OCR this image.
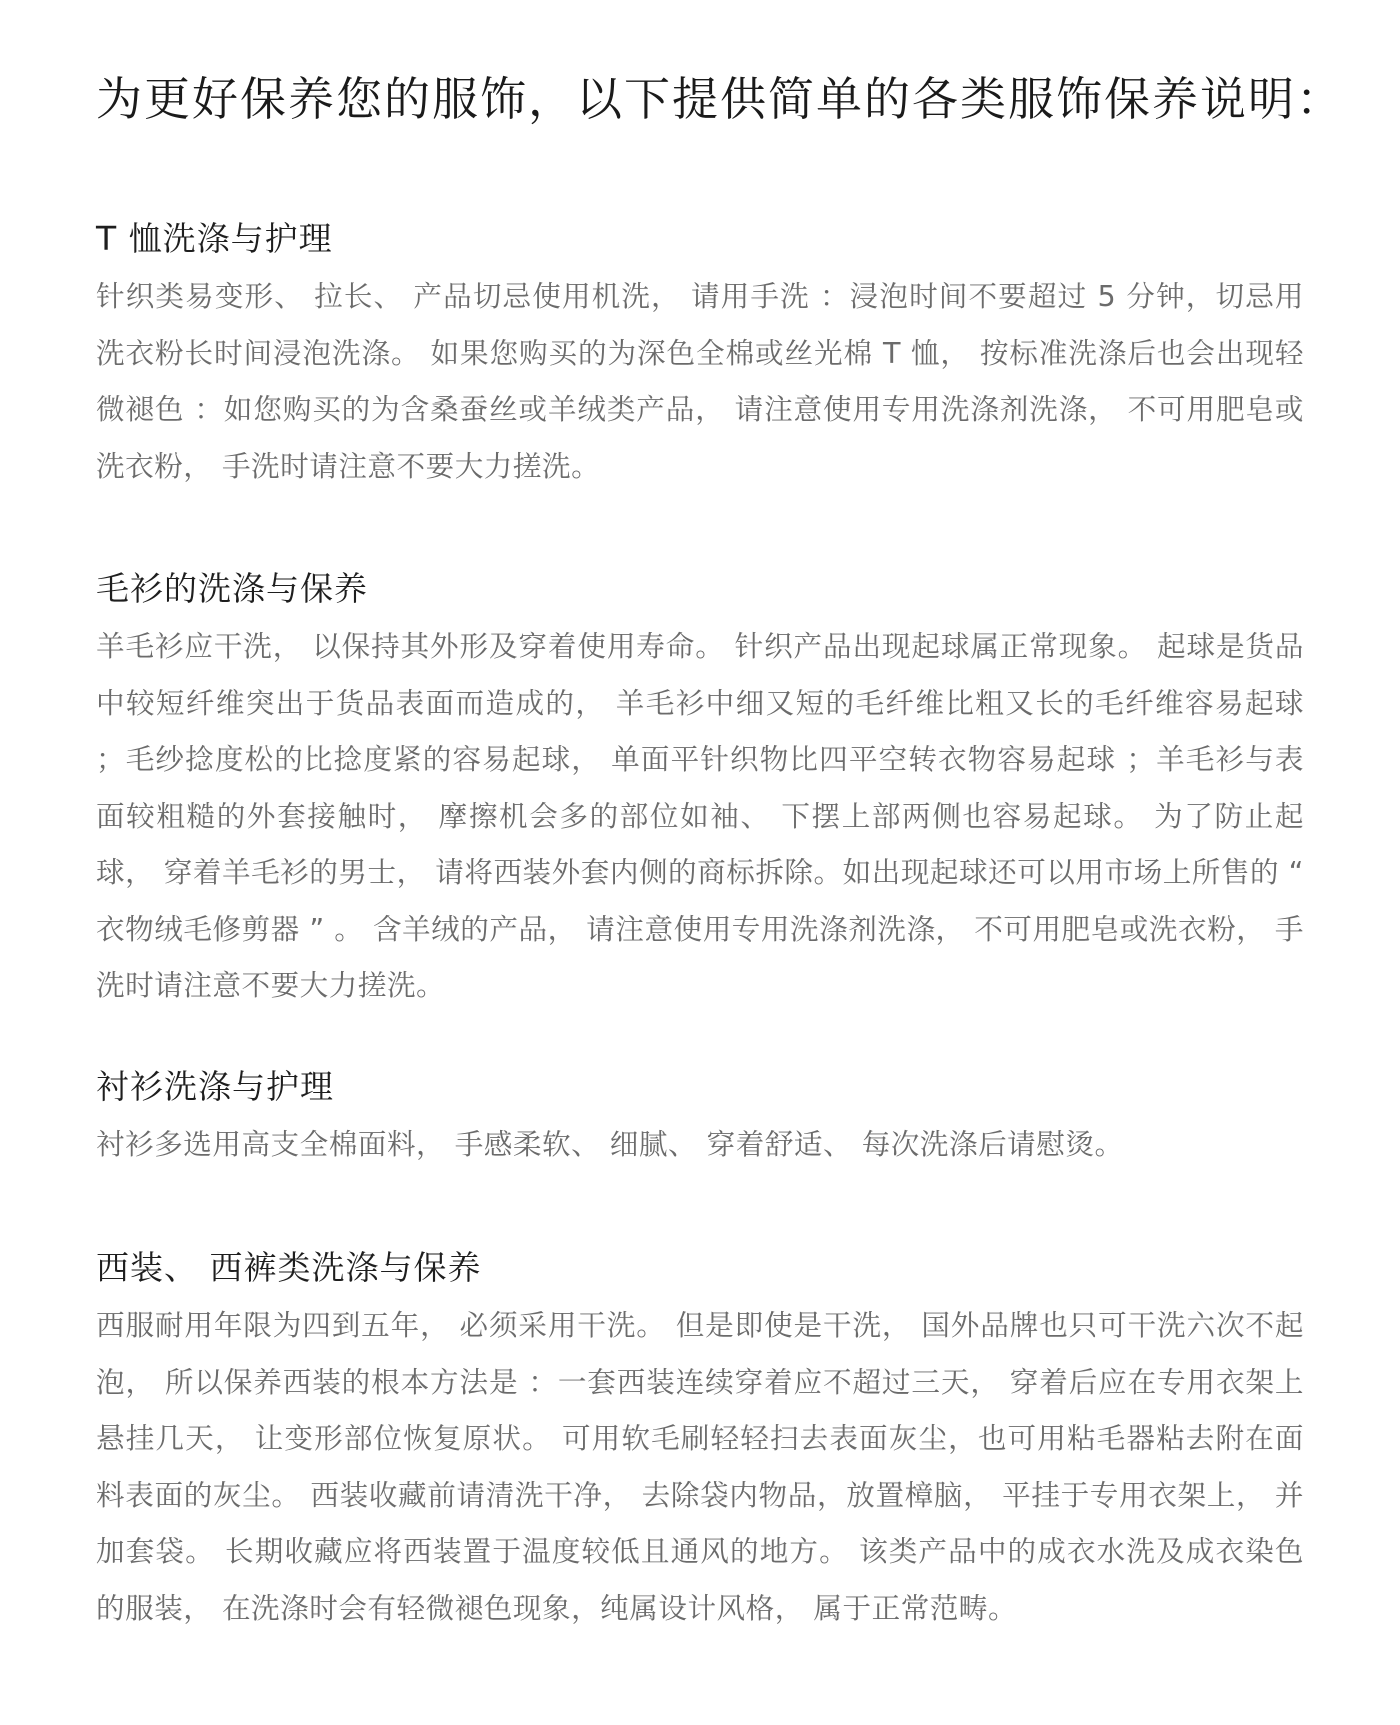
为更好保养您的服饰，以下提供简单的各类服饰保养说明：
T 恤洗涤与护理

针织类易变形、 拉长、 产品切忌使用机洗， 请用手洗 ：浸泡时间不要超过 5 分钟，切忌用洗衣粉长时间浸泡洗涤。 如果您购买的为深色全棉或丝光棉 T 恤， 按标准洗涤后也会出现轻微褪色 ：如您购买的为含桑蚕丝或羊绒类产品， 请注意使用专用洗涤剂洗涤， 不可用肥皂或洗衣粉， 手洗时请注意不要大力搓洗。

毛衫的洗涤与保养

羊毛衫应干洗， 以保持其外形及穿着使用寿命。 针织产品出现起球属正常现象。 起球是货品中较短纤维突出于货品表面而造成的， 羊毛衫中细又短的毛纤维比粗又长的毛纤维容易起球 ；毛纱捻度松的比捻度紧的容易起球， 单面平针织物比四平空转衣物容易起球 ；羊毛衫与表面较粗糙的外套接触时， 摩擦机会多的部位如袖、 下摆上部两侧也容易起球。 为了防止起球， 穿着羊毛衫的男士， 请将西装外套内侧的商标拆除。如出现起球还可以用市场上所售的 “ 衣物绒毛修剪器 ” 。 含羊绒的产品， 请注意使用专用洗涤剂洗涤， 不可用肥皂或洗衣粉， 手洗时请注意不要大力搓洗。

衬衫洗涤与护理

衬衫多选用高支全棉面料， 手感柔软、 细腻、 穿着舒适、 每次洗涤后请慰烫。

西装、 西裤类洗涤与保养

西服耐用年限为四到五年， 必须采用干洗。 但是即使是干洗， 国外品牌也只可干洗六次不起泡， 所以保养西装的根本方法是 ：一套西装连续穿着应不超过三天， 穿着后应在专用衣架上悬挂几天， 让变形部位恢复原状。 可用软毛刷轻轻扫去表面灰尘，也可用粘毛器粘去附在面料表面的灰尘。 西装收藏前请清洗干净， 去除袋内物品，放置樟脑， 平挂于专用衣架上， 并加套袋。 长期收藏应将西装置于温度较低且通风的地方。 该类产品中的成衣水洗及成衣染色的服装， 在洗涤时会有轻微褪色现象，纯属设计风格， 属于正常范畴。
